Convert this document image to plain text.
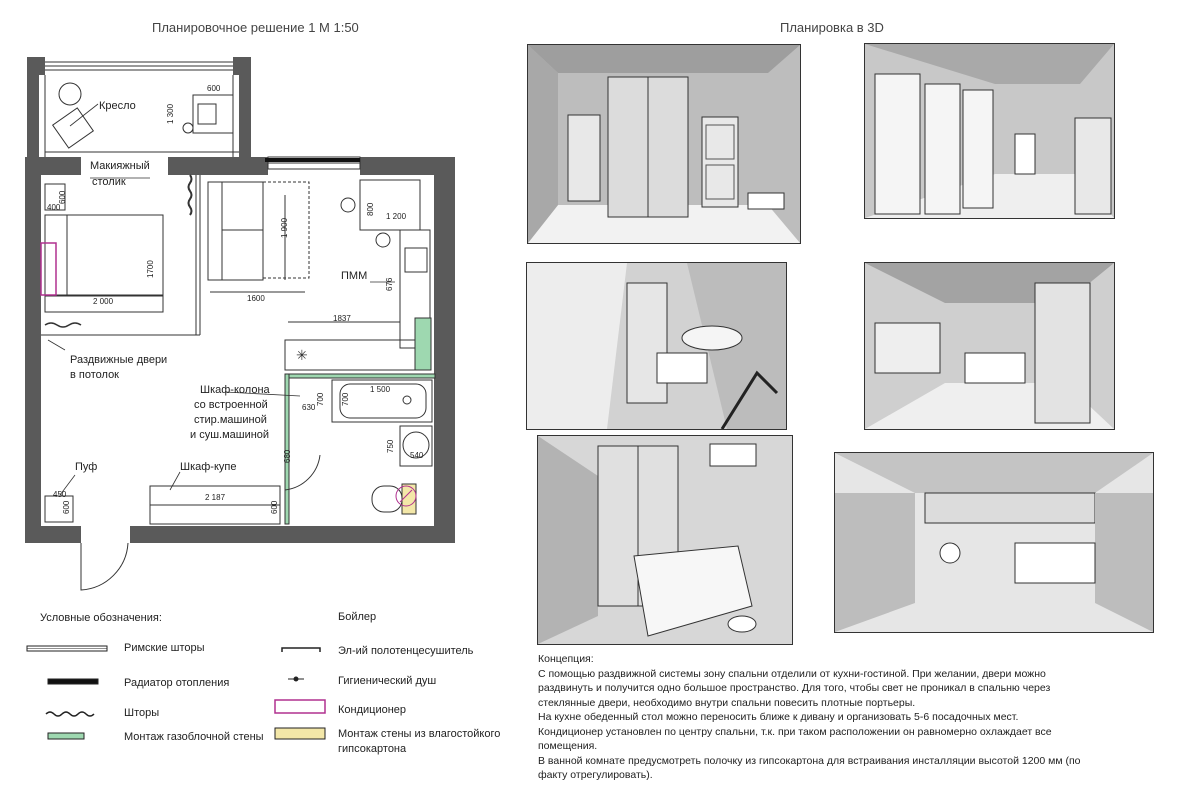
Планировочное решение 1 М 1:50	Планировка в 3D
✳
Кресло
Макияжный
столик
ПММ
Раздвижные двери
в потолок
Шкаф-колона
со встроенной
стир.машиной
и суш.машиной
Пуф	Шкаф-купе
600
1 300
400
600
1700
2 000
1 900
1600
800
1 200
676
1837
1 500
630
700 700
750
540
680
450
600
2 187
600
Условные обозначения:
Римские шторы
Радиатор отопления
Шторы
Монтаж газоблочной стены
Бойлер
Эл-ий полотенцесушитель
Гигиенический душ
Кондиционер
Монтаж стены из влагостойкого
гипсокартона

Концепция:

С помощью раздвижной системы зону спальни отделили от кухни-гостиной. При желании, двери можно

раздвинуть и получится одно большое пространство. Для того, чтобы свет не проникал в спальню через

стеклянные двери, необходимо внутри спальни повесить плотные портьеры.

На кухне обеденный стол можно переносить ближе к дивану и организовать 5-6 посадочных мест.

Кондиционер установлен по центру спальни, т.к. при таком расположении он равномерно охлаждает все

помещения.

В ванной комнате предусмотреть полочку из гипсокартона для встраивания инсталляции высотой 1200 мм (по

факту отрегулировать).
